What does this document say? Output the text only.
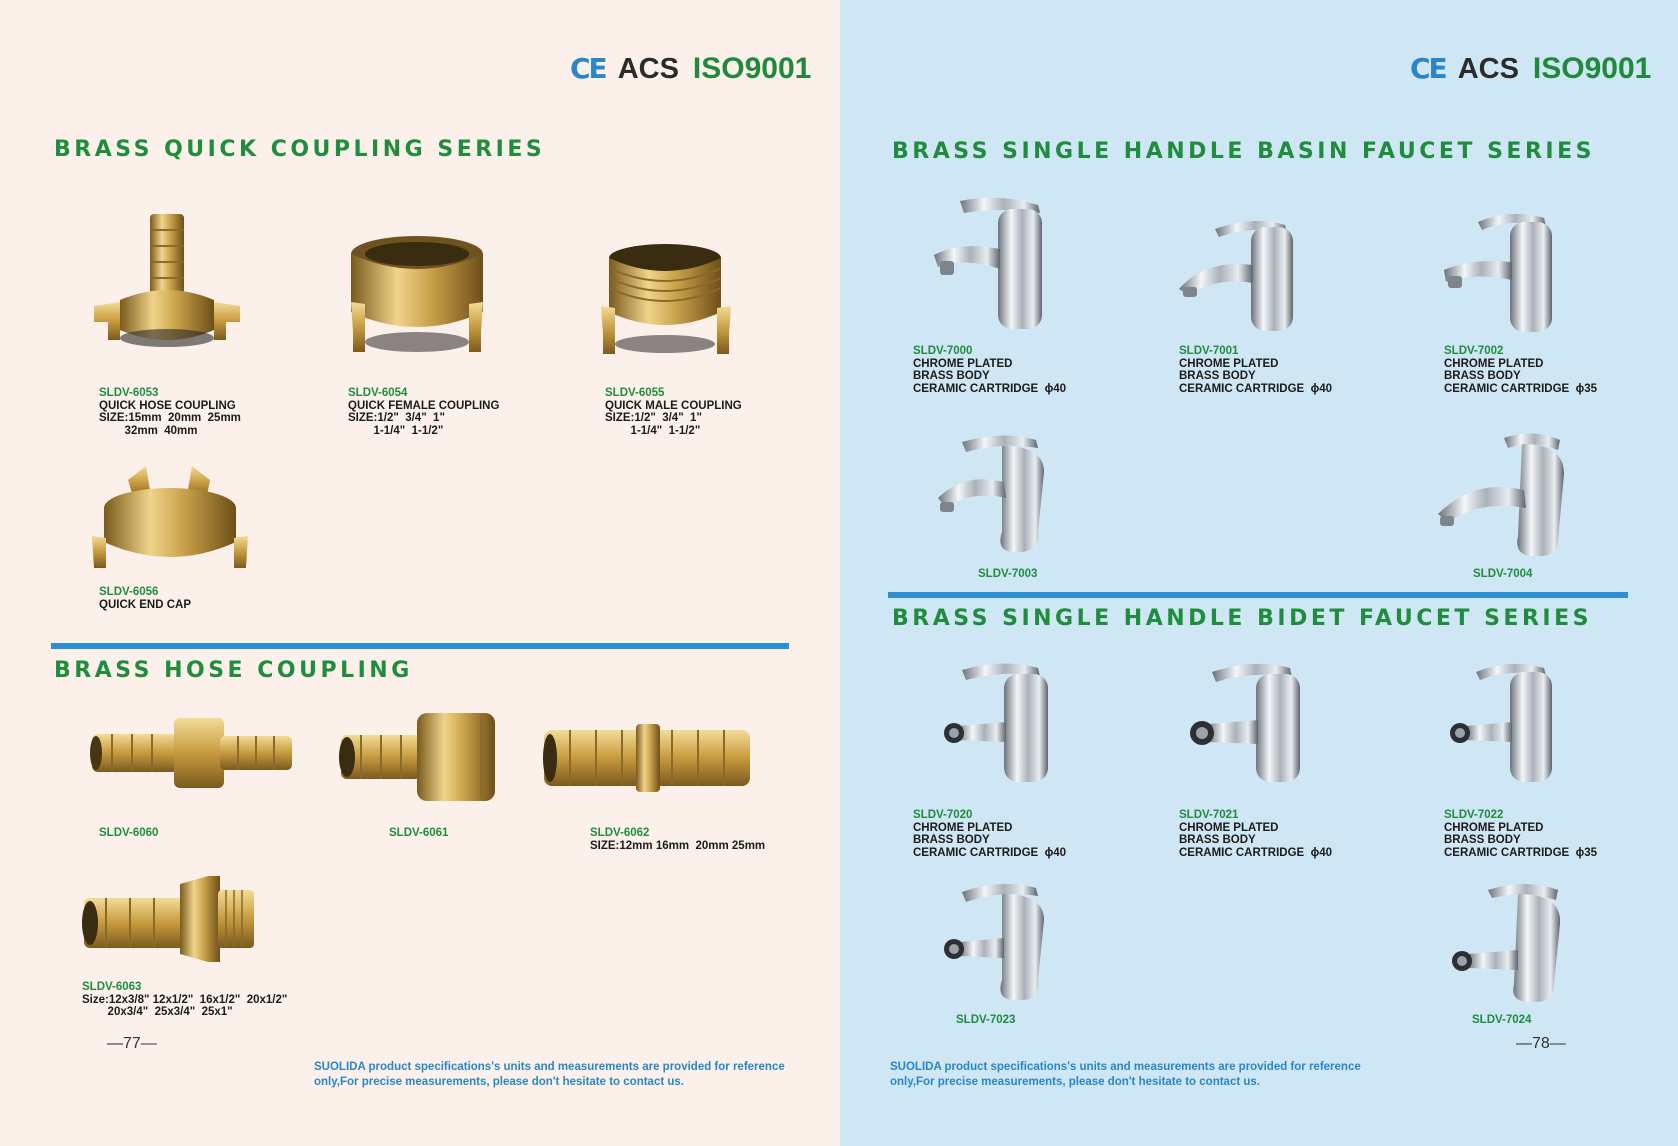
CE ACS ISO9001
BRASS QUICK COUPLING SERIES
SLDV-6053
QUICK HOSE COUPLING
SIZE:15mm  20mm  25mm
32mm  40mm
SLDV-6054
QUICK FEMALE COUPLING
SIZE:1/2"  3/4"  1"
1-1/4"  1-1/2"
SLDV-6055
QUICK MALE COUPLING
SIZE:1/2"  3/4"  1"
1-1/4"  1-1/2"
SLDV-6056
QUICK END CAP
BRASS HOSE COUPLING
SLDV-6060	SLDV-6061	SLDV-6062
SIZE:12mm 16mm  20mm 25mm
SLDV-6063
Size:12x3/8" 12x1/2"  16x1/2"  20x1/2"
20x3/4"  25x3/4"  25x1"
—77—
SUOLIDA product specifications's units and measurements are provided for reference only,For precise measurements, please don't hesitate to contact us.
CE ACS ISO9001
BRASS SINGLE HANDLE BASIN FAUCET SERIES
SLDV-7000
CHROME PLATED
BRASS BODY
CERAMIC CARTRIDGE  ϕ40
SLDV-7001
CHROME PLATED
BRASS BODY
CERAMIC CARTRIDGE  ϕ40
SLDV-7002
CHROME PLATED
BRASS BODY
CERAMIC CARTRIDGE  ϕ35
SLDV-7003	SLDV-7004
BRASS SINGLE HANDLE BIDET FAUCET SERIES
SLDV-7020
CHROME PLATED
BRASS BODY
CERAMIC CARTRIDGE  ϕ40
SLDV-7021
CHROME PLATED
BRASS BODY
CERAMIC CARTRIDGE  ϕ40
SLDV-7022
CHROME PLATED
BRASS BODY
CERAMIC CARTRIDGE  ϕ35
SLDV-7023	SLDV-7024
—78—
SUOLIDA product specifications's units and measurements are provided for reference only,For precise measurements, please don't hesitate to contact us.
